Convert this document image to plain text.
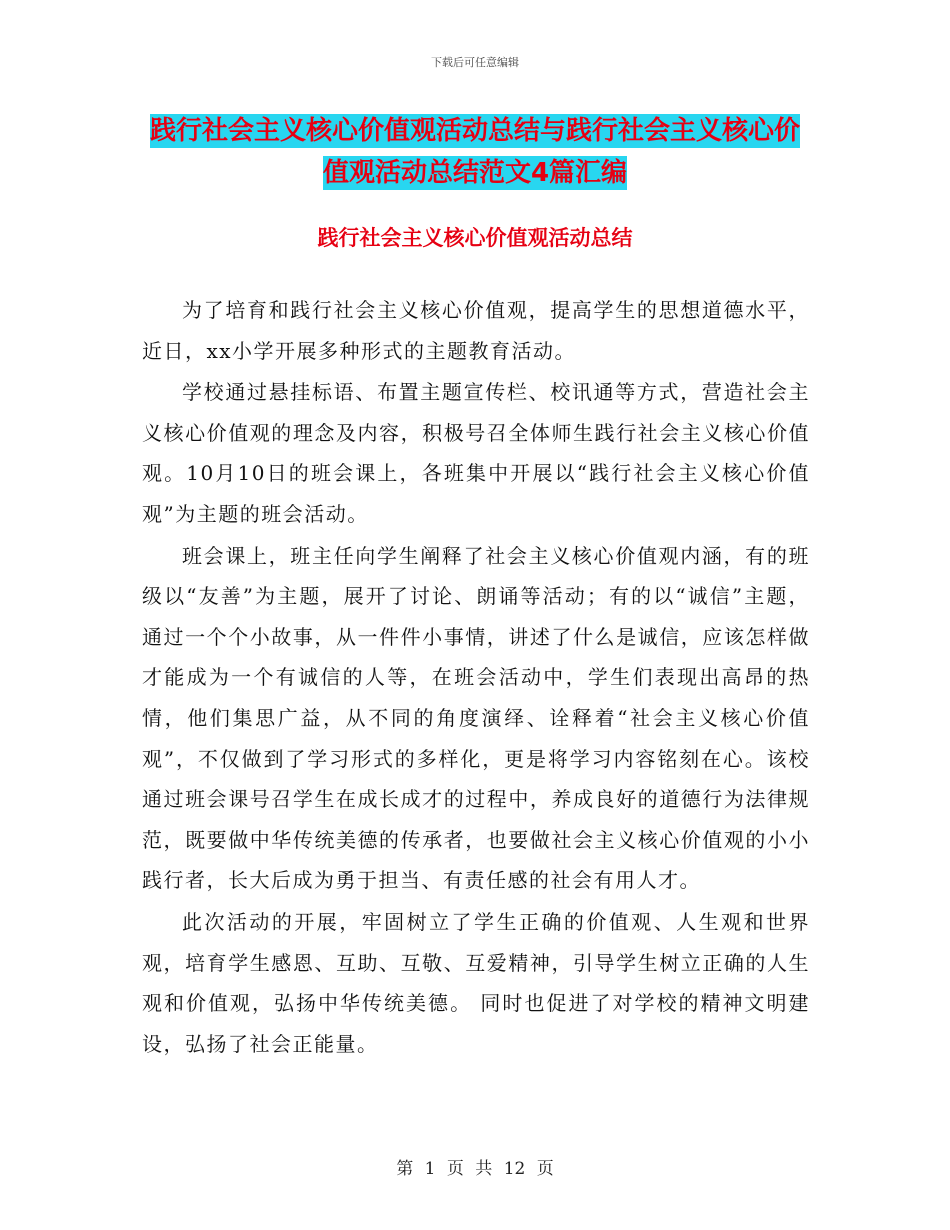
下载后可任意编辑
践行社会主义核心价值观活动总结与践行社会主义核心价值观活动总结范文4篇汇编
践行社会主义核心价值观活动总结

为了培育和践行社会主义核心价值观，提高学生的思想道德水平，近日，xx小学开展多种形式的主题教育活动。

学校通过悬挂标语、布置主题宣传栏、校讯通等方式，营造社会主义核心价值观的理念及内容，积极号召全体师生践行社会主义核心价值观。10月10日的班会课上，各班集中开展以“践行社会主义核心价值观”为主题的班会活动。

班会课上，班主任向学生阐释了社会主义核心价值观内涵，有的班级以“友善”为主题，展开了讨论、朗诵等活动；有的以“诚信”主题，通过一个个小故事，从一件件小事情，讲述了什么是诚信，应该怎样做才能成为一个有诚信的人等，在班会活动中，学生们表现出高昂的热情，他们集思广益，从不同的角度演绎、诠释着“社会主义核心价值观”，不仅做到了学习形式的多样化，更是将学习内容铭刻在心。该校通过班会课号召学生在成长成才的过程中，养成良好的道德行为法律规范，既要做中华传统美德的传承者，也要做社会主义核心价值观的小小践行者，长大后成为勇于担当、有责任感的社会有用人才。

此次活动的开展，牢固树立了学生正确的价值观、人生观和世界观，培育学生感恩、互助、互敬、互爱精神，引导学生树立正确的人生观和价值观，弘扬中华传统美德。 同时也促进了对学校的精神文明建设，弘扬了社会正能量。

第 1 页 共 12 页
